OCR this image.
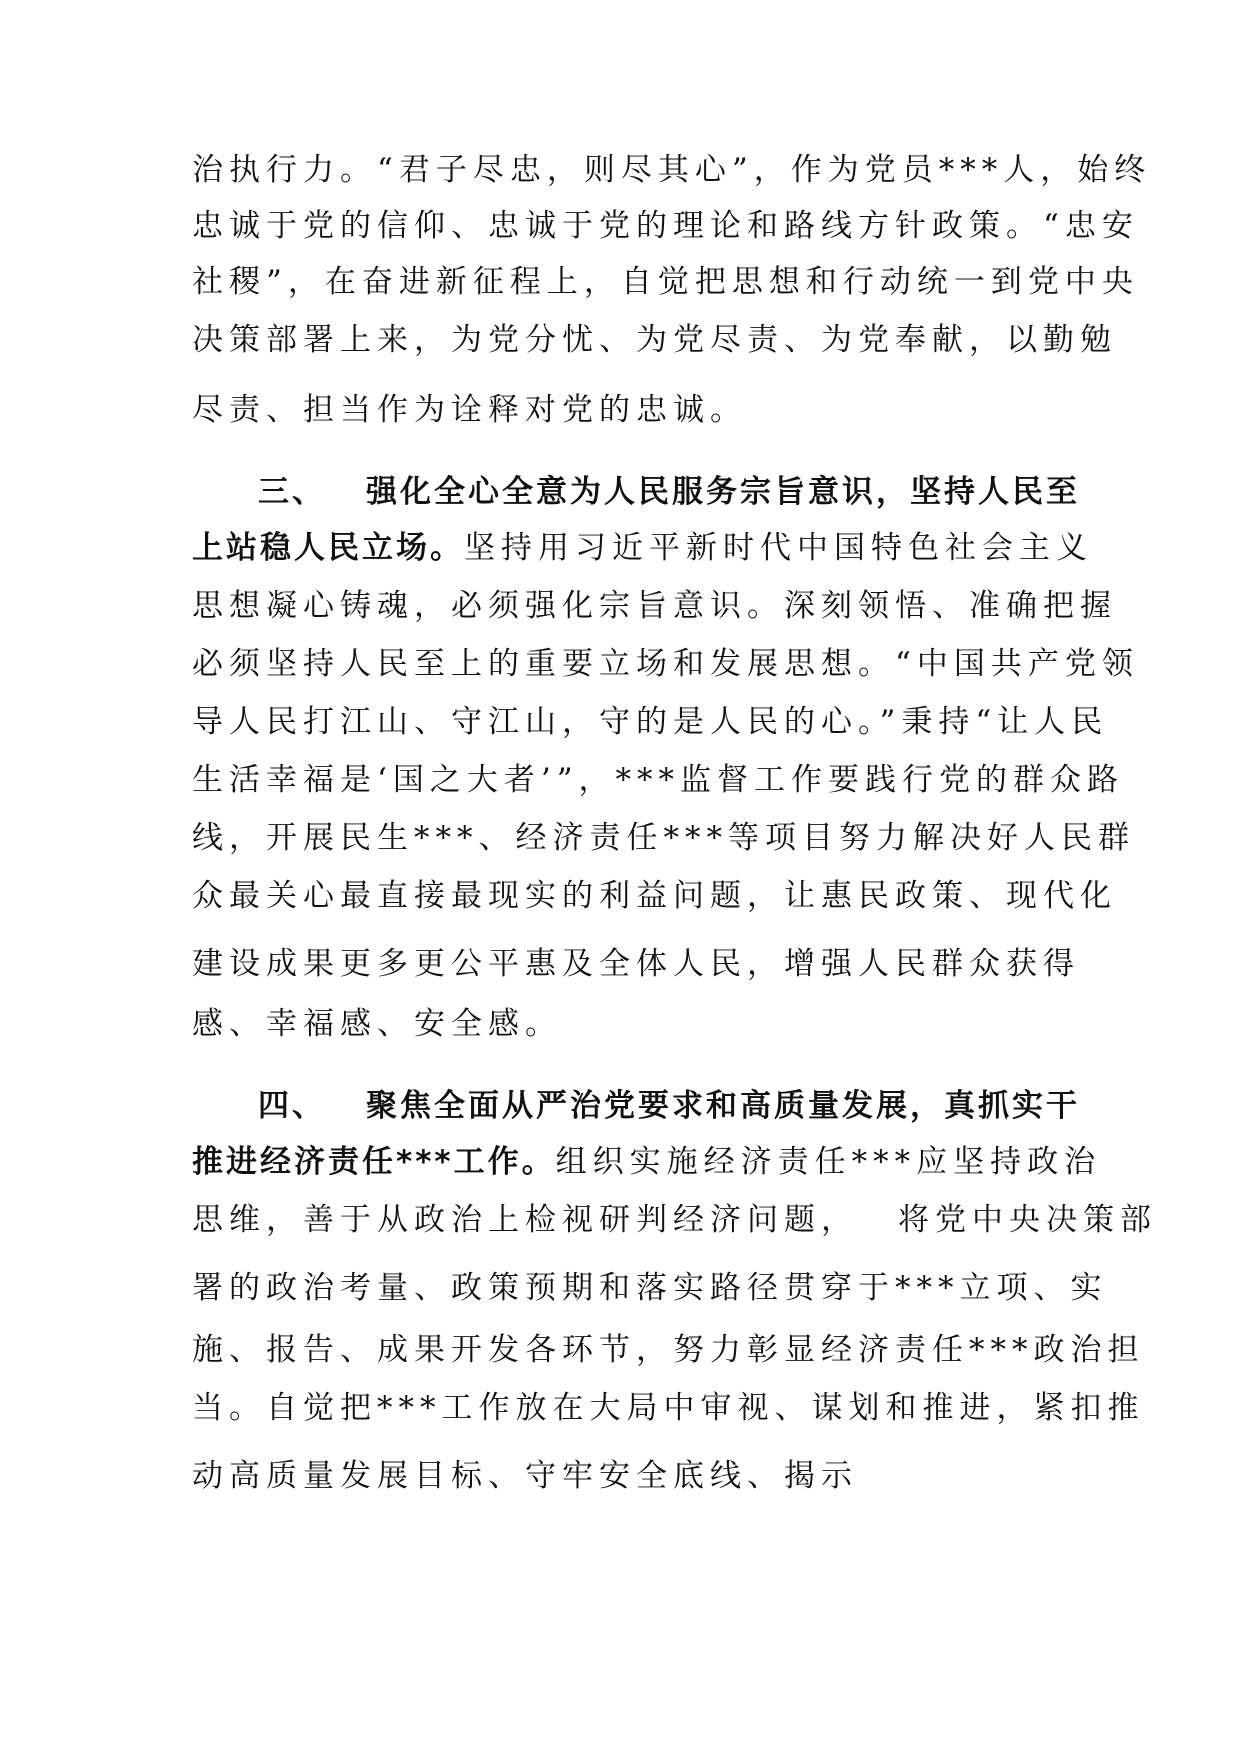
治执行力。“君子尽忠，则尽其心”，作为党员***人，始终
忠诚于党的信仰、忠诚于党的理论和路线方针政策。“忠安
社稷”，在奋进新征程上，自觉把思想和行动统一到党中央
决策部署上来，为党分忧、为党尽责、为党奉献，以勤勉
尽责、担当作为诠释对党的忠诚。
三、 强化全心全意为人民服务宗旨意识，坚持人民至
上站稳人民立场。坚持用习近平新时代中国特色社会主义
思想凝心铸魂，必须强化宗旨意识。深刻领悟、准确把握
必须坚持人民至上的重要立场和发展思想。“中国共产党领
导人民打江山、守江山，守的是人民的心。”秉持“让人民
生活幸福是‘国之大者’”，***监督工作要践行党的群众路
线，开展民生***、经济责任***等项目努力解决好人民群
众最关心最直接最现实的利益问题，让惠民政策、现代化
建设成果更多更公平惠及全体人民，增强人民群众获得
感、幸福感、安全感。
四、 聚焦全面从严治党要求和高质量发展，真抓实干
推进经济责任***工作。组织实施经济责任***应坚持政治
思维，善于从政治上检视研判经济问题， 将党中央决策部
署的政治考量、政策预期和落实路径贯穿于***立项、实
施、报告、成果开发各环节，努力彰显经济责任***政治担
当。自觉把***工作放在大局中审视、谋划和推进，紧扣推
动高质量发展目标、守牢安全底线、揭示
